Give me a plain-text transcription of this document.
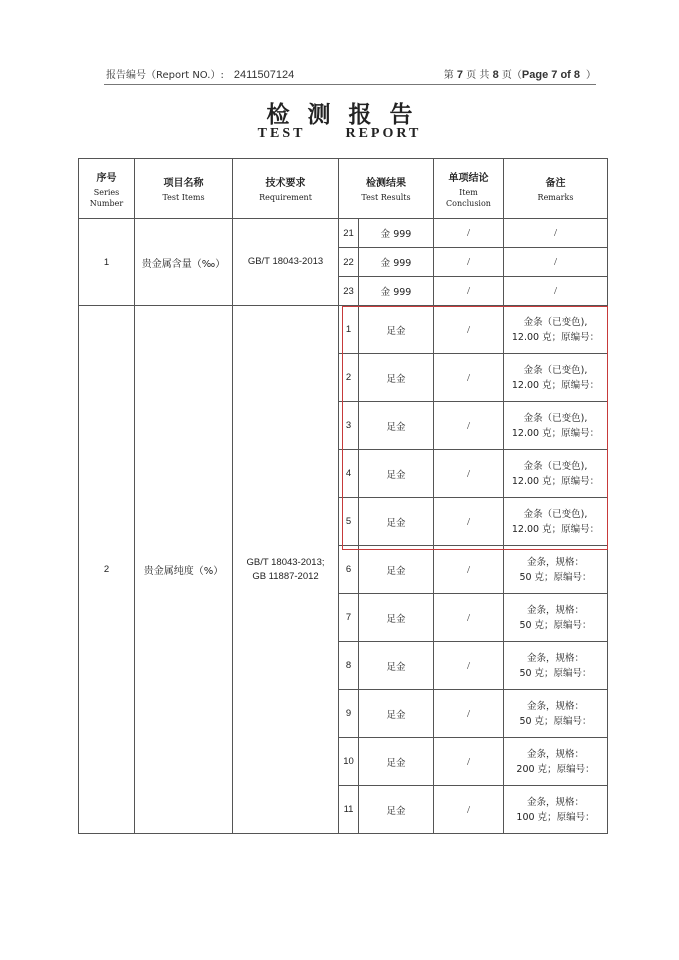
报告编号（Report NO.）: 2411507124	第 7 页 共 8 页（Page 7 of 8 ）
检测报告
TEST	REPORT
序号
Series
Number	项目名称
Test Items	技术要求
Requirement	检测结果
Test Results		单项结论
Item
Conclusion	备注
Remarks

1	贵金属含量（‰）	GB/T 18043-2013	21	金 999	/	/
			22	金 999	/	/
			23	金 999	/	/
2	贵金属纯度（%）	GB/T 18043-2013;
GB 11887-2012	1	足金	/	金条（已变色),
12.00 克；原编号：
			2	足金	/	金条（已变色),
12.00 克；原编号：
			3	足金	/	金条（已变色),
12.00 克；原编号：
			4	足金	/	金条（已变色),
12.00 克；原编号：
			5	足金	/	金条（已变色),
12.00 克；原编号：
			6	足金	/	金条，规格：
50 克；原编号：
			7	足金	/	金条，规格：
50 克；原编号：
			8	足金	/	金条，规格：
50 克；原编号：
			9	足金	/	金条，规格：
50 克；原编号：
			10	足金	/	金条，规格：
200 克；原编号：
			11	足金	/	金条，规格：
100 克；原编号：
